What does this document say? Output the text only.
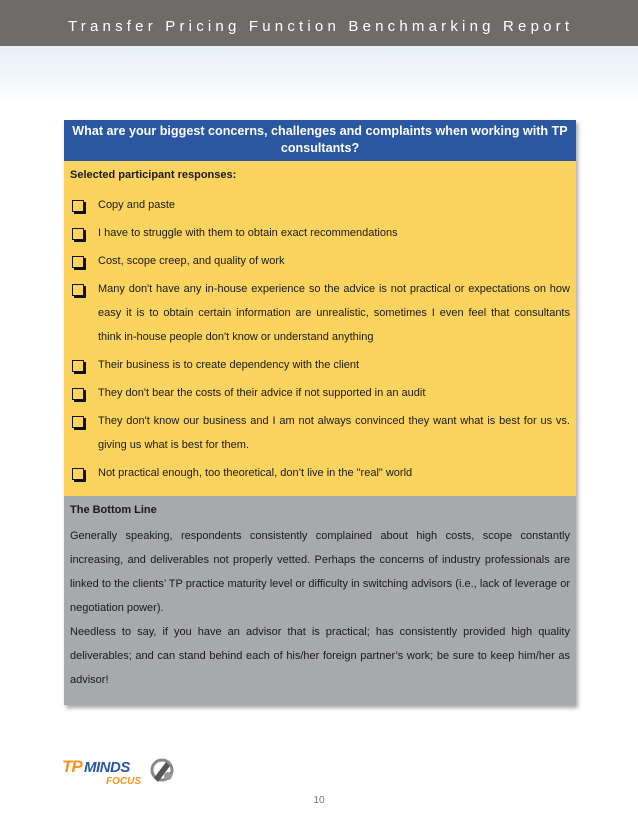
Transfer Pricing Function Benchmarking Report
What are your biggest concerns, challenges and complaints when working with TP
consultants?
Selected participant responses:
Copy and paste
I have to struggle with them to obtain exact recommendations
Cost, scope creep, and quality of work
Many don't have any in-house experience so the advice is not practical or expectations on how easy it is to obtain certain information are unrealistic, sometimes I even feel that consultants think in-house people don't know or understand anything
Their business is to create dependency with the client
They don't bear the costs of their advice if not supported in an audit
They don't know our business and I am not always convinced they want what is best for us vs. giving us what is best for them.
Not practical enough, too theoretical, don’t live in the "real" world
The Bottom Line

Generally speaking, respondents consistently complained about high costs, scope constantly increasing, and deliverables not properly vetted. Perhaps the concerns of industry professionals are linked to the clients’ TP practice maturity level or difficulty in switching advisors (i.e., lack of leverage or negotiation power).

Needless to say, if you have an advisor that is practical; has consistently provided high quality deliverables; and can stand behind each of his/her foreign partner’s work; be sure to keep him/her as advisor!

TP MINDS
FOCUS
10
